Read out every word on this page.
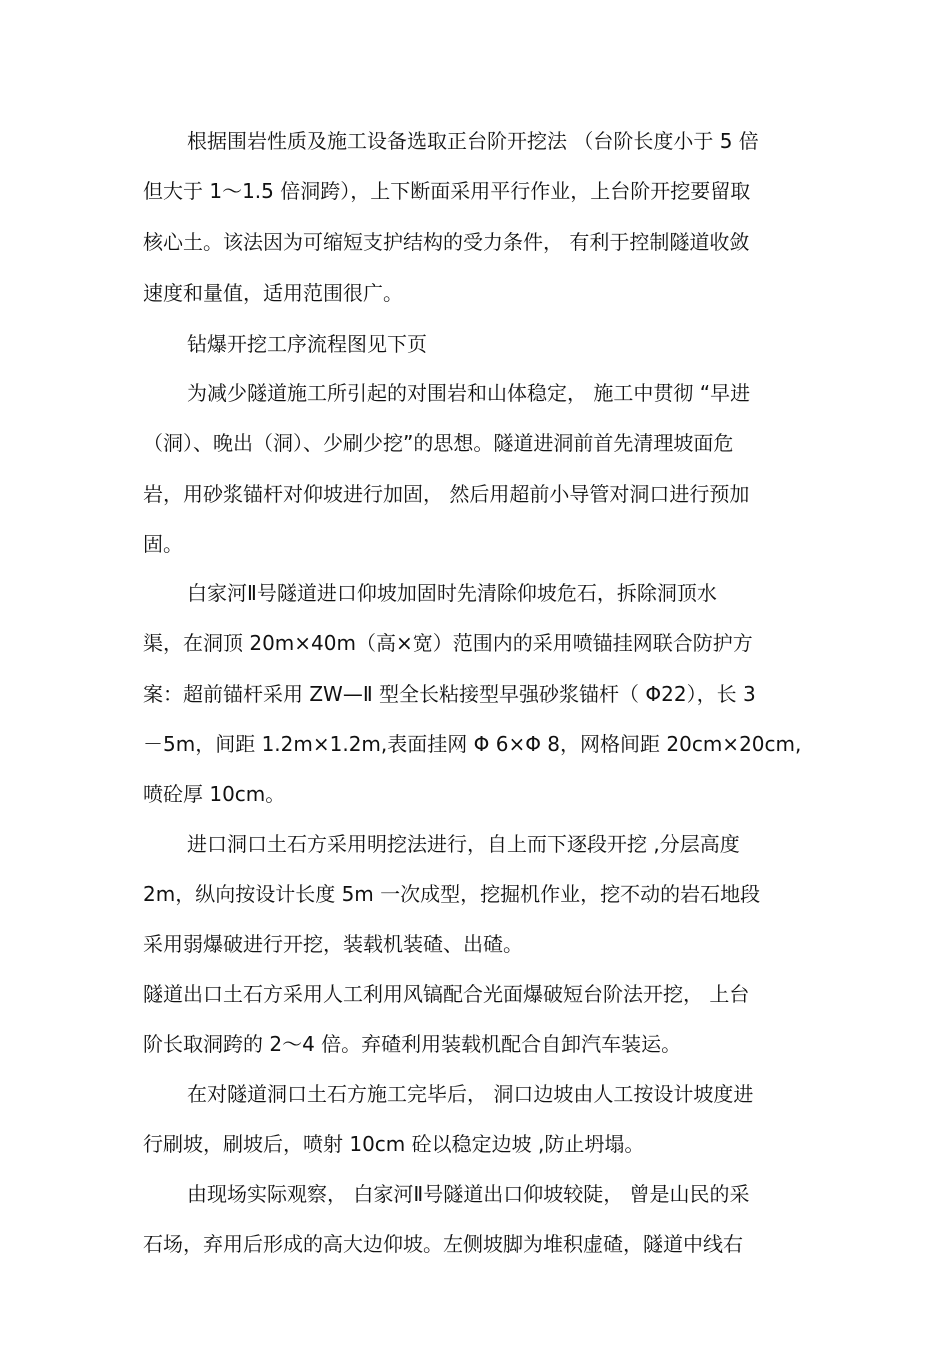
根据围岩性质及施工设备选取正台阶开挖法 （台阶长度小于 5 倍
但大于 1～1.5 倍洞跨），上下断面采用平行作业，上台阶开挖要留取
核心土。该法因为可缩短支护结构的受力条件， 有利于控制隧道收敛
速度和量值，适用范围很广。
钻爆开挖工序流程图见下页
为减少隧道施工所引起的对围岩和山体稳定， 施工中贯彻 “早进
（洞）、晚出（洞）、少刷少挖”的思想。隧道进洞前首先清理坡面危
岩，用砂浆锚杆对仰坡进行加固， 然后用超前小导管对洞口进行预加
固。
白家河Ⅱ号隧道进口仰坡加固时先清除仰坡危石，拆除洞顶水
渠，在洞顶 20m×40m（高×宽）范围内的采用喷锚挂网联合防护方
案：超前锚杆采用 ZW—Ⅱ 型全长粘接型早强砂浆锚杆（ Φ22），长 3
－5m，间距 1.2m×1.2m,表面挂网 Φ 6×Φ 8，网格间距 20cm×20cm,
喷砼厚 10cm。
进口洞口土石方采用明挖法进行，自上而下逐段开挖 ,分层高度
2m，纵向按设计长度 5m 一次成型，挖掘机作业，挖不动的岩石地段
采用弱爆破进行开挖，装载机装碴、出碴。
隧道出口土石方采用人工利用风镐配合光面爆破短台阶法开挖， 上台
阶长取洞跨的 2～4 倍。弃碴利用装载机配合自卸汽车装运。
在对隧道洞口土石方施工完毕后， 洞口边坡由人工按设计坡度进
行刷坡，刷坡后，喷射 10cm 砼以稳定边坡 ,防止坍塌。
由现场实际观察， 白家河Ⅱ号隧道出口仰坡较陡， 曾是山民的采
石场，弃用后形成的高大边仰坡。左侧坡脚为堆积虚碴，隧道中线右
